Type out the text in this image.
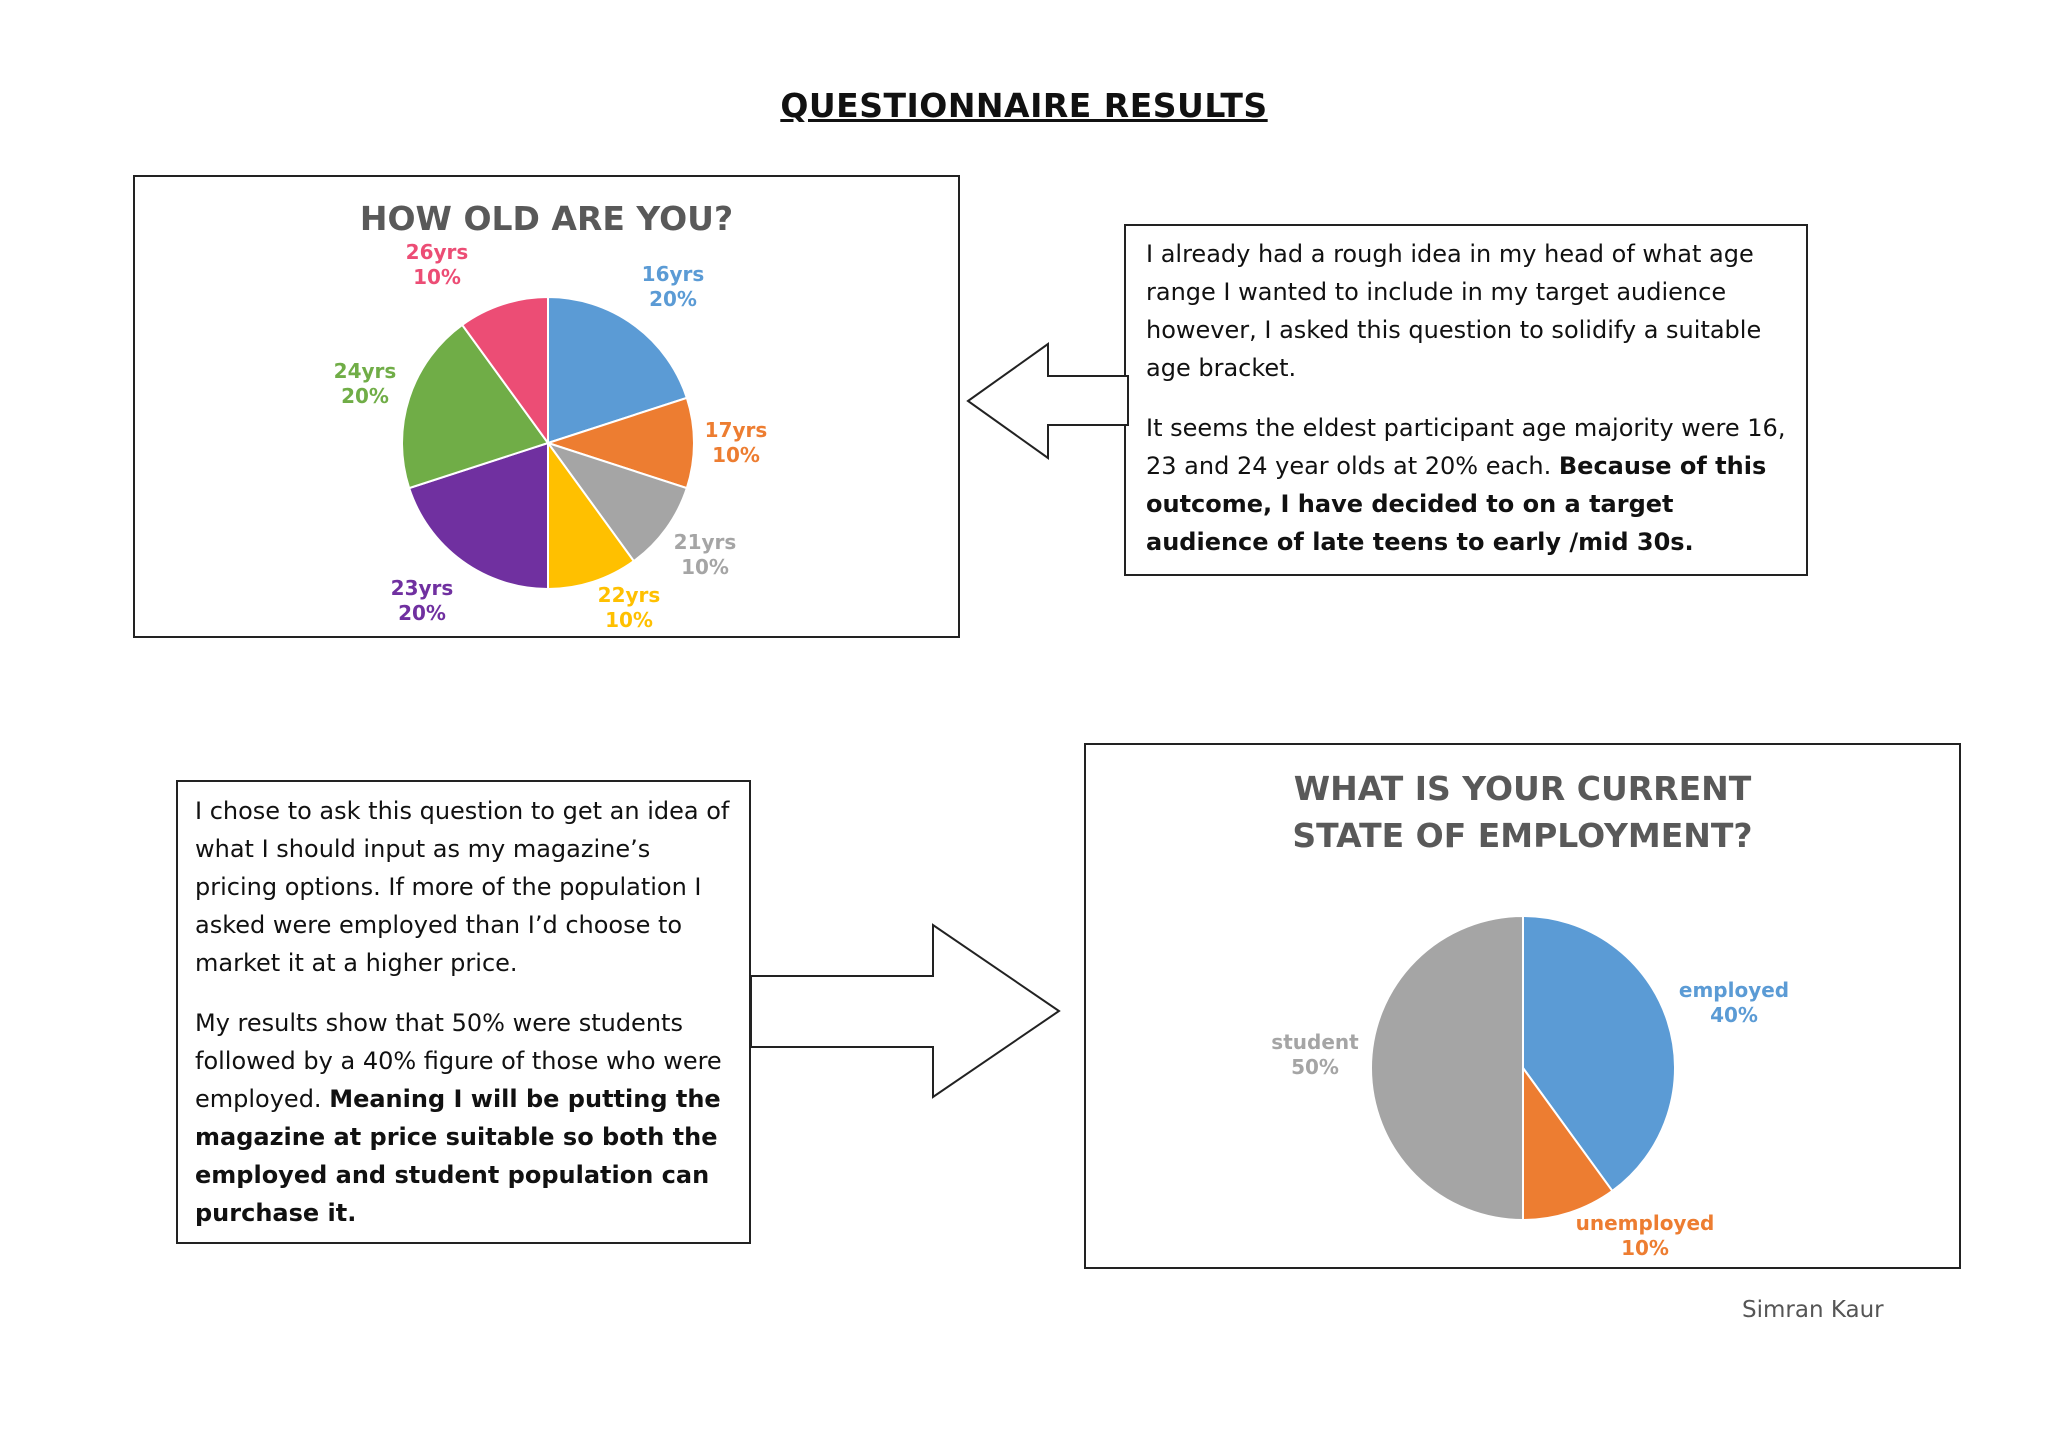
QUESTIONNAIRE RESULTS
HOW OLD ARE YOU?
16yrs
20%
17yrs
10%
21yrs
10%
22yrs
10%
23yrs
20%
24yrs
20%
26yrs
10%

I already had a rough idea in my head of what age range I wanted to include in my target audience however, I asked this question to solidify a suitable age bracket.

It seems the eldest participant age majority were 16, 23 and 24 year olds at 20% each. Because of this outcome, I have decided to on a target audience of late teens to early /mid 30s.

I chose to ask this question to get an idea of what I should input as my magazine’s pricing options. If more of the population I asked were employed than I’d choose to market it at a higher price.

My results show that 50% were students followed by a 40% figure of those who were employed. Meaning I will be putting the magazine at price suitable so both the employed and student population can purchase it.

WHAT IS YOUR CURRENT STATE OF EMPLOYMENT?
employed
40%
unemployed
10%
student
50%
Simran Kaur
